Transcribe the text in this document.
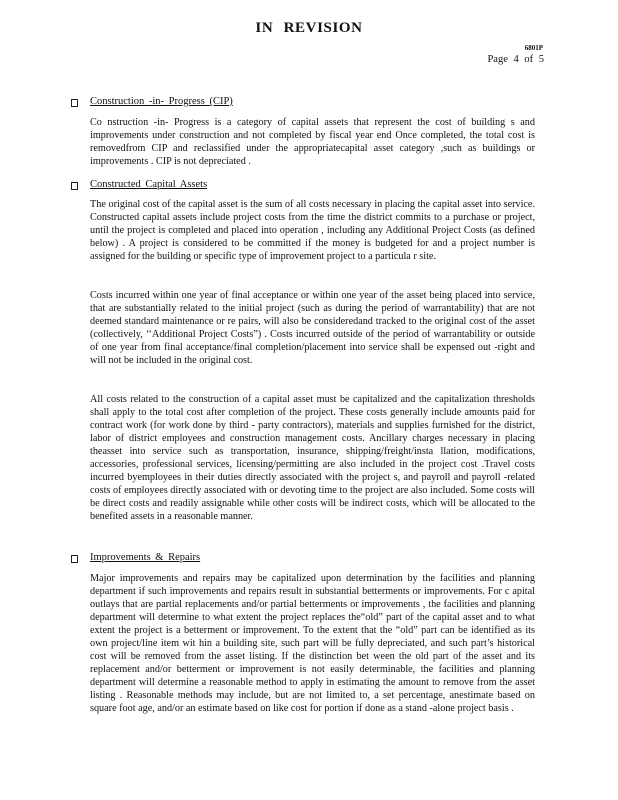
IN REVISION
6801P
Page 4 of 5
Construction -in- Progress (CIP)

Co nstruction -in- Progress is a category of capital assets that represent the cost of building s and improvements under construction and not completed by fiscal year end Once completed, the total cost is removedfrom CIP and reclassified under the appropriatecapital asset category ,such as buildings or improvements . CIP is not depreciated .

Constructed Capital Assets

The original cost of the capital asset is the sum of all costs necessary in placing the capital asset into service. Constructed capital assets include project costs from the time the district commits to a purchase or project, until the project is completed and placed into operation , including any Additional Project Costs (as defined below) . A project is considered to be committed if the money is budgeted for and a project number is assigned for the building or specific type of improvement project to a particula r site.

Costs incurred within one year of final acceptance or within one year of the asset being placed into service, that are substantially related to the initial project (such as during the period of warrantability) that are not deemed standard maintenance or re pairs, will also be consideredand tracked to the original cost of the asset (collectively, ‘‘Additional Project Costs”) . Costs incurred outside of the period of warrantability or outside of one year from final acceptance/final completion/placement into service shall be expensed out -right and will not be included in the original cost.

All costs related to the construction of a capital asset must be capitalized and the capitalization thresholds shall apply to the total cost after completion of the project. These costs generally include amounts paid for contract work (for work done by third - party contractors), materials and supplies furnished for the district, labor of district employees and construction management costs. Ancillary charges necessary in placing theasset into service such as transportation, insurance, shipping/freight/insta llation, modifications, accessories, professional services, licensing/permitting are also included in the project cost .Travel costs incurred byemployees in their duties directly associated with the project s, and payroll and payroll -related costs of employees directly associated with or devoting time to the project are also included. Some costs will be direct costs and readily assignable while other costs will be indirect costs, which will be allocated to the benefited assets in a reasonable manner.

Improvements & Repairs

Major improvements and repairs may be capitalized upon determination by the facilities and planning department if such improvements and repairs result in substantial betterments or improvements. For c apital outlays that are partial replacements and/or partial betterments or improvements , the facilities and planning department will determine to what extent the project replaces the“old” part of the capital asset and to what extent the project is a betterment or improvement. To the extent that the “old” part can be identified as its own project/line item wit hin a building site, such part will be fully depreciated, and such part’s historical cost will be removed from the asset listing. If the distinction bet ween the old part of the asset and its replacement and/or betterment or improvement is not easily determinable, the facilities and planning department will determine a reasonable method to apply in estimating the amount to remove from the asset listing . Reasonable methods may include, but are not limited to, a set percentage, anestimate based on square foot age, and/or an estimate based on like cost for portion if done as a stand -alone project basis .
